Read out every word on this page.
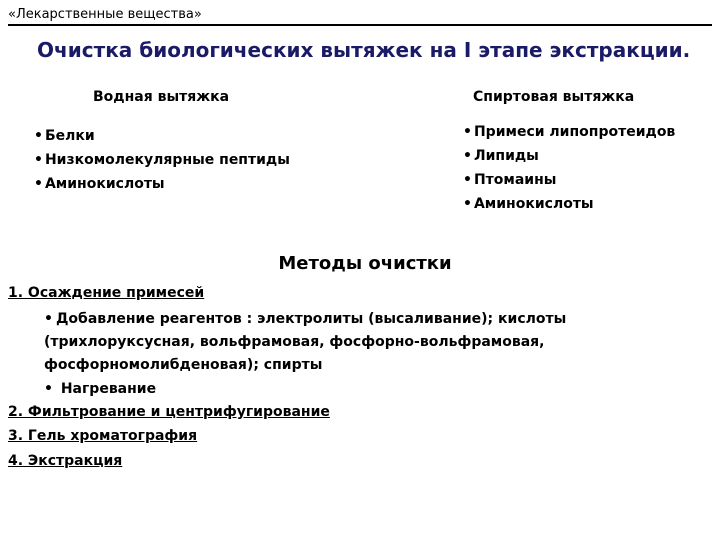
«Лекарственные вещества»
Очистка биологических вытяжек на I этапе экстракции.
Водная вытяжка	Спиртовая вытяжка
• Белки
• Низкомолекулярные пептиды
• Аминокислоты
• Примеси липопротеидов
• Липиды
• Птомаины
• Аминокислоты
Методы очистки
1. Осаждение примесей
• Добавление реагентов : электролиты (высаливание); кислоты (трихлоруксусная, вольфрамовая, фосфорно-вольфрамовая, фосфорномолибденовая); спирты
• Нагревание
2. Фильтрование и центрифугирование
3. Гель хроматография
4. Экстракция
